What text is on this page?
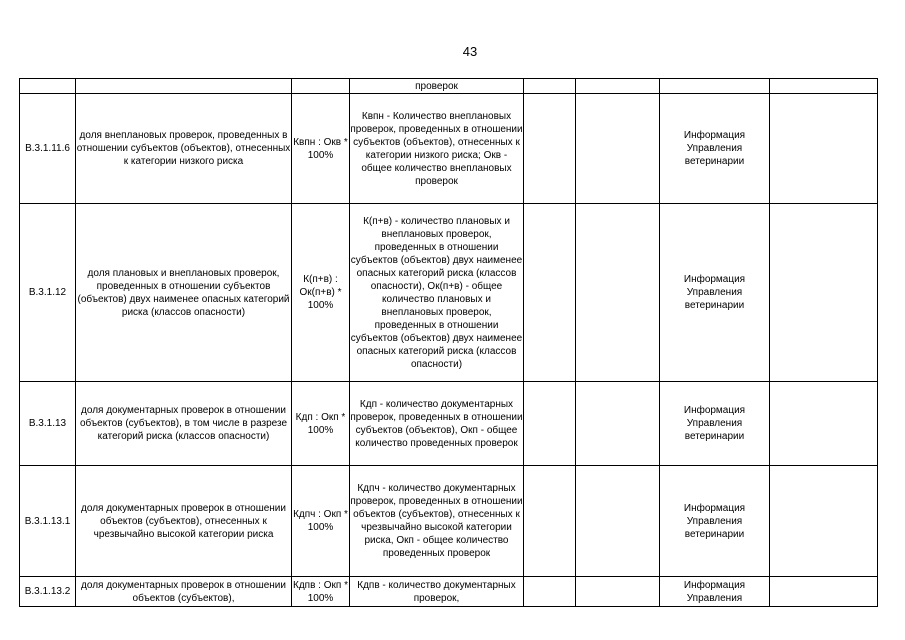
43
			проверок				
В.3.1.11.6	доля внеплановых проверок, проведенных в отношении субъектов (объектов), отнесенных к категории низкого риска	Квпн : Окв * 100%	Квпн - Количество внеплановых проверок, проведенных в отношении субъектов (объектов), отнесенных к категории низкого риска; Окв - общее количество внеплановых проверок			Информация Управления ветеринарии	
В.3.1.12	доля плановых и внеплановых проверок, проведенных в отношении субъектов (объектов) двух наименее опасных категорий риска (классов опасности)	К(п+в) : Ок(п+в) * 100%	К(п+в) - количество плановых и внеплановых проверок, проведенных в отношении субъектов (объектов) двух наименее опасных категорий риска (классов опасности), Ок(п+в) - общее количество плановых и внеплановых проверок, проведенных в отношении субъектов (объектов) двух наименее опасных категорий риска (классов опасности)			Информация Управления ветеринарии	
В.3.1.13	доля документарных проверок в отношении объектов (субъектов), в том числе в разрезе категорий риска (классов опасности)	Кдп : Окп * 100%	Кдп - количество документарных проверок, проведенных в отношении субъектов (объектов), Окп - общее количество проведенных проверок			Информация Управления ветеринарии	
В.3.1.13.1	доля документарных проверок в отношении объектов (субъектов), отнесенных к чрезвычайно высокой категории риска	Кдпч : Окп * 100%	Кдпч - количество документарных проверок, проведенных в отношении объектов (субъектов), отнесенных к чрезвычайно высокой категории риска, Окп - общее количество проведенных проверок			Информация Управления ветеринарии	
В.3.1.13.2	доля документарных проверок в отношении объектов (субъектов),	Кдпв : Окп * 100%	Кдпв - количество документарных проверок,			Информация Управления	
